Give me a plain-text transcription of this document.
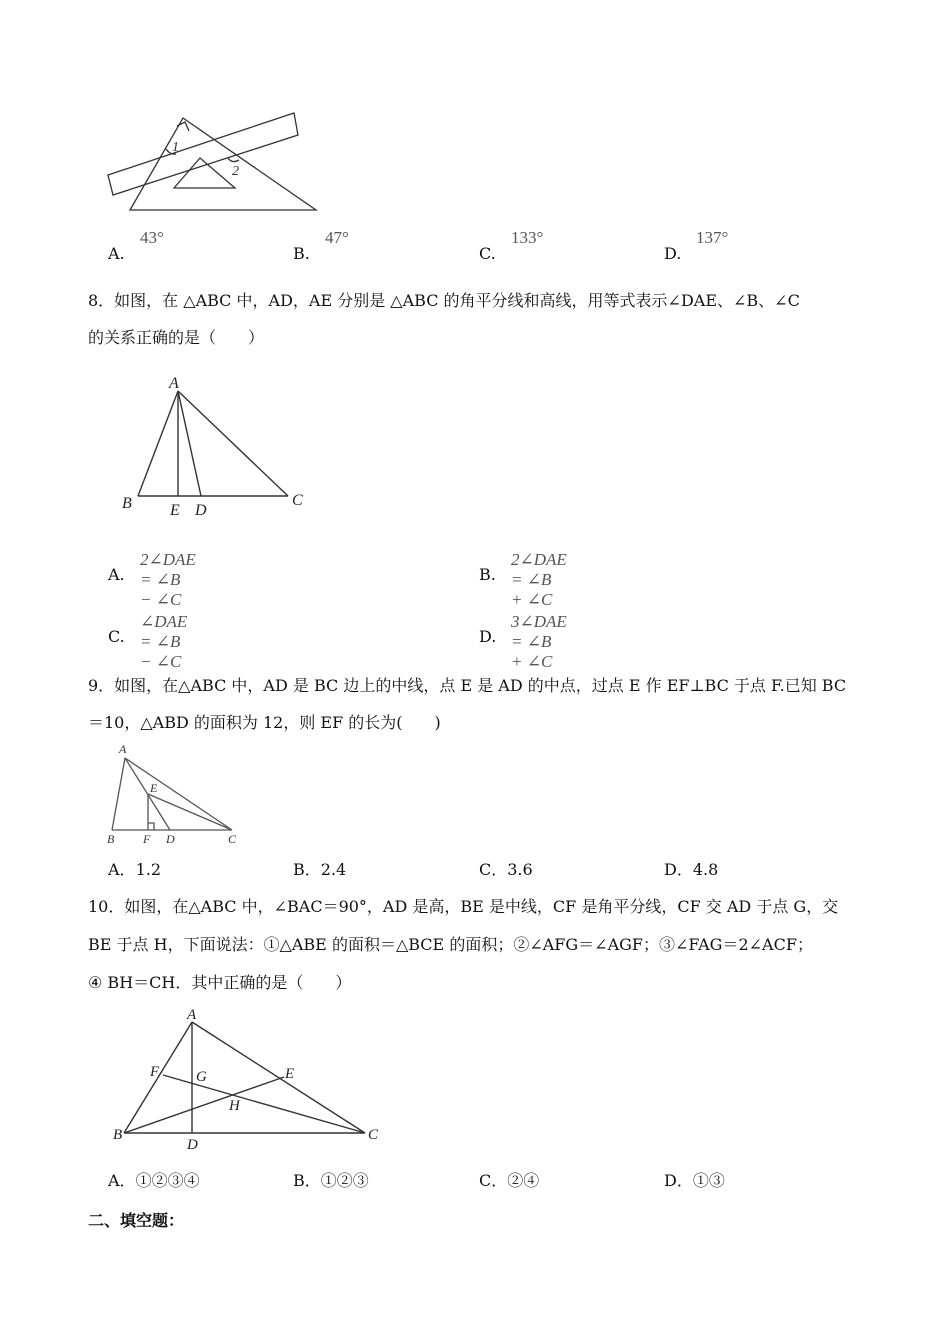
1
2
A.
43°
B.
47°
C.
133°
D.
137°
8．如图，在 △ABC 中，AD，AE 分别是 △ABC 的角平分线和高线，用等式表示∠DAE、∠B、∠C
的关系正确的是（　　）
A
B	C
E D
A.
2∠DAE = ∠B − ∠C
B.
2∠DAE = ∠B + ∠C
C.
∠DAE = ∠B − ∠C
D.
3∠DAE = ∠B + ∠C
9．如图，在△ABC 中，AD 是 BC 边上的中线，点 E 是 AD 的中点，过点 E 作 EF⊥BC 于点 F.已知 BC
＝10，△ABD 的面积为 12，则 EF 的长为(　　)
A
E
B F D	C
A．1.2	B．2.4	C．3.6	D．4.8
10．如图，在△ABC 中，∠BAC＝90°，AD 是高，BE 是中线，CF 是角平分线，CF 交 AD 于点 G，交
BE 于点 H，下面说法：①△ABE 的面积＝△BCE 的面积；②∠AFG＝∠AGF；③∠FAG＝2∠ACF；
④ BH＝CH．其中正确的是（　　）
A
F G	E
H
B
D
C
A．①②③④	B．①②③	C．②④	D．①③
二、填空题：
